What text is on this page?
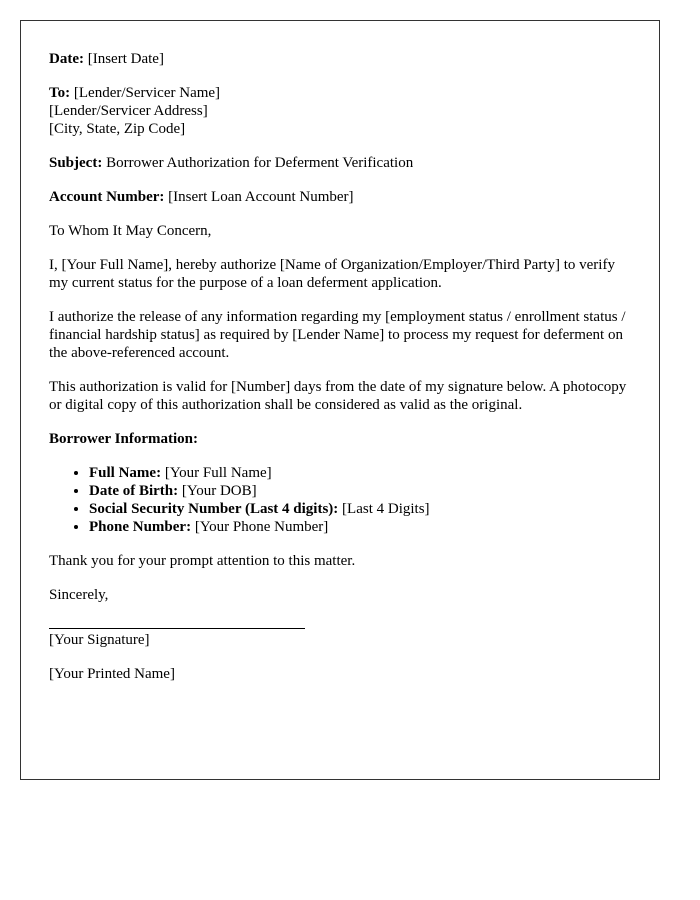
Date: [Insert Date]

To: [Lender/Servicer Name]
[Lender/Servicer Address]
[City, State, Zip Code]

Subject: Borrower Authorization for Deferment Verification

Account Number: [Insert Loan Account Number]

To Whom It May Concern,

I, [Your Full Name], hereby authorize [Name of Organization/Employer/Third Party] to verify my current status for the purpose of a loan deferment application.

I authorize the release of any information regarding my [employment status / enrollment status / financial hardship status] as required by [Lender Name] to process my request for deferment on the above-referenced account.

This authorization is valid for [Number] days from the date of my signature below. A photocopy or digital copy of this authorization shall be considered as valid as the original.

Borrower Information:

• Full Name: [Your Full Name]
• Date of Birth: [Your DOB]
• Social Security Number (Last 4 digits): [Last 4 Digits]
• Phone Number: [Your Phone Number]

Thank you for your prompt attention to this matter.

Sincerely,

[Your Signature]

[Your Printed Name]
